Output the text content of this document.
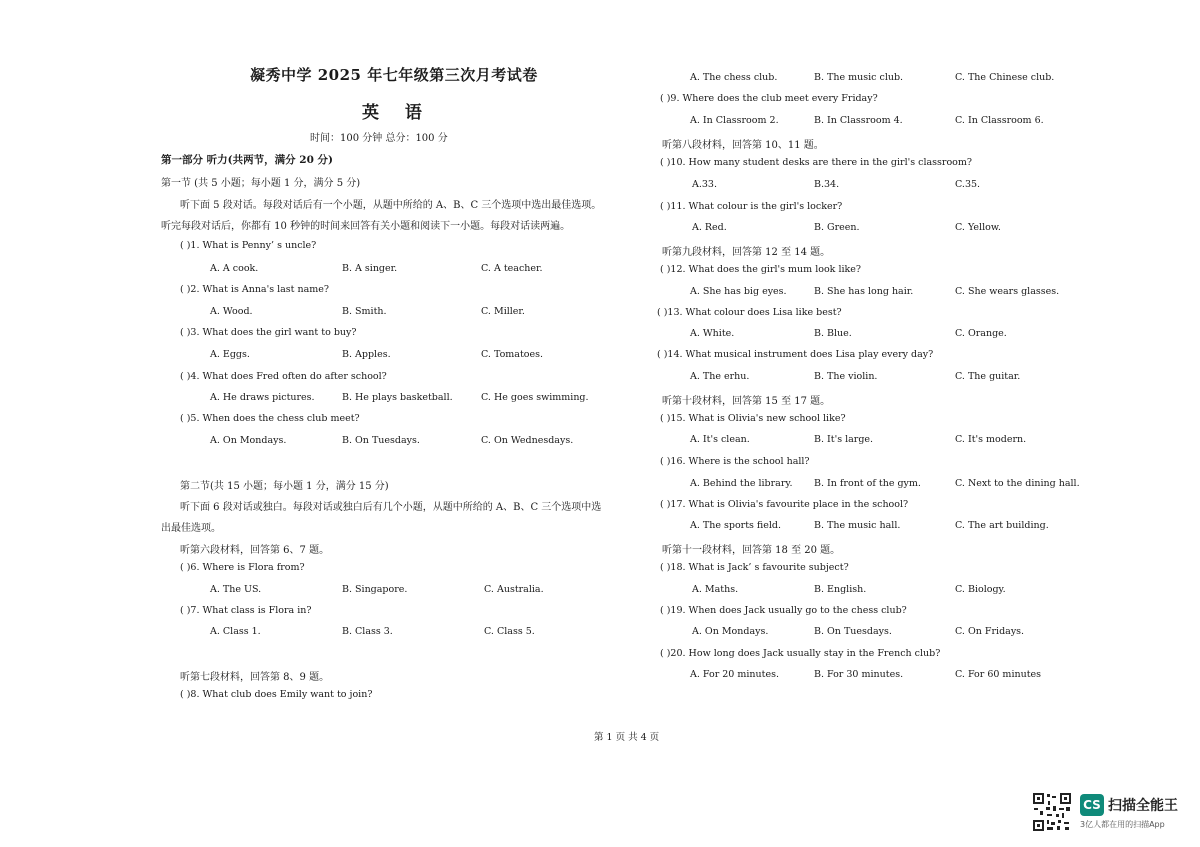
凝秀中学 2025 年七年级第三次月考试卷
英 语
时间：100 分钟 总分：100 分
第一部分 听力(共两节，满分 20 分)
第一节 (共 5 小题；每小题 1 分，满分 5 分)
听下面 5 段对话。每段对话后有一个小题，从题中所给的 A、B、C 三个选项中选出最佳选项。
听完每段对话后，你都有 10 秒钟的时间来回答有关小题和阅读下一小题。每段对话读两遍。
( )1. What is Penny’ s uncle?
A. A cook.	B. A singer.	C. A teacher.
( )2. What is Anna's last name?
A. Wood.	B. Smith.	C. Miller.
( )3. What does the girl want to buy?
A. Eggs.	B. Apples.	C. Tomatoes.
( )4. What does Fred often do after school?
A. He draws pictures.	B. He plays basketball.	C. He goes swimming.
( )5. When does the chess club meet?
A. On Mondays.	B. On Tuesdays.	C. On Wednesdays.
第二节(共 15 小题；每小题 1 分，满分 15 分)
听下面 6 段对话或独白。每段对话或独白后有几个小题，从题中所给的 A、B、C 三个选项中选
出最佳选项。
听第六段材料，回答第 6、7 题。
( )6. Where is Flora from?
A. The US.	B. Singapore.	C. Australia.
( )7. What class is Flora in?
A. Class 1.	B. Class 3.	C. Class 5.
听第七段材料，回答第 8、9 题。
( )8. What club does Emily want to join?
A. The chess club.	B. The music club.	C. The Chinese club.
( )9. Where does the club meet every Friday?
A. In Classroom 2.	B. In Classroom 4.	C. In Classroom 6.
听第八段材料，回答第 10、11 题。
( )10. How many student desks are there in the girl's classroom?
A.33.	B.34.	C.35.
( )11. What colour is the girl's locker?
A. Red.	B. Green.	C. Yellow.
听第九段材料，回答第 12 至 14 题。
( )12. What does the girl's mum look like?
A. She has big eyes.	B. She has long hair.	C. She wears glasses.
( )13. What colour does Lisa like best?
A. White.	B. Blue.	C. Orange.
( )14. What musical instrument does Lisa play every day?
A. The erhu.	B. The violin.	C. The guitar.
听第十段材料，回答第 15 至 17 题。
( )15. What is Olivia's new school like?
A. It's clean.	B. It's large.	C. It's modern.
( )16. Where is the school hall?
A. Behind the library. B. In front of the gym.	C. Next to the dining hall.
( )17. What is Olivia's favourite place in the school?
A. The sports field.	B. The music hall.	C. The art building.
听第十一段材料，回答第 18 至 20 题。
( )18. What is Jack’ s favourite subject?
A. Maths.	B. English.	C. Biology.
( )19. When does Jack usually go to the chess club?
A. On Mondays.	B. On Tuesdays.	C. On Fridays.
( )20. How long does Jack usually stay in the French club?
A. For 20 minutes.	B. For 30 minutes.	C. For 60 minutes
第 1 页 共 4 页
CS 扫描全能王
3亿人都在用的扫描App
